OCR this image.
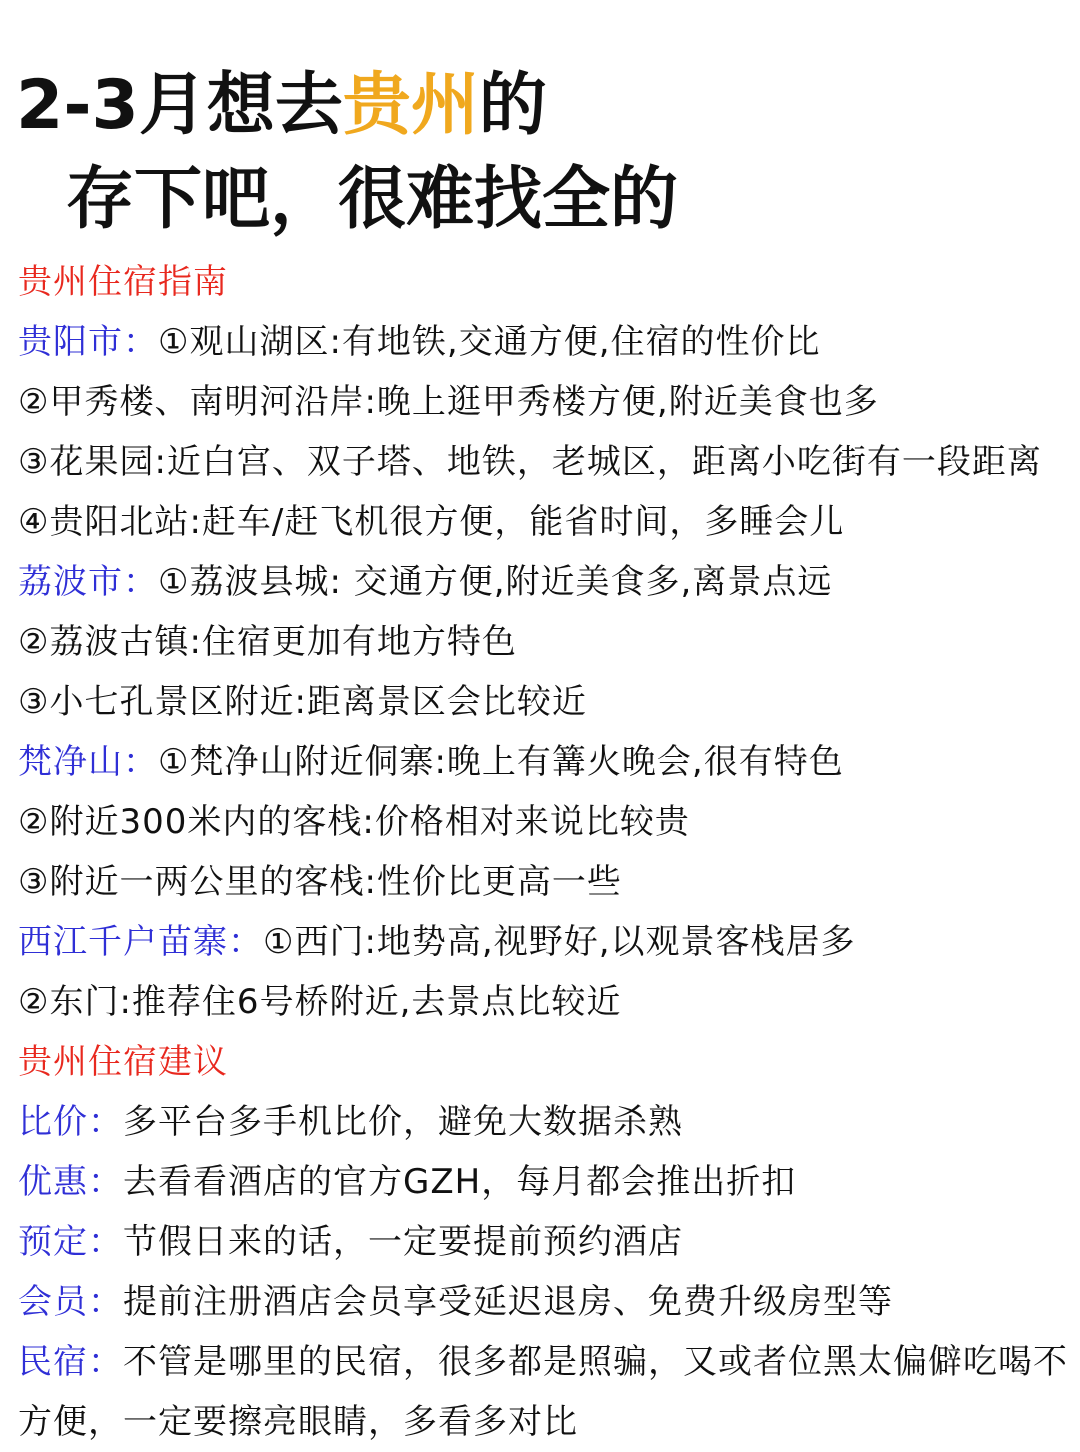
2-3月想去贵州的
存下吧，很难找全的
贵州住宿指南
贵阳市：①观山湖区:有地铁,交通方便,住宿的性价比
②甲秀楼、南明河沿岸:晚上逛甲秀楼方便,附近美食也多
③花果园:近白宫、双子塔、地铁，老城区，距离小吃街有一段距离
④贵阳北站:赶车/赶飞机很方便，能省时间，多睡会儿
荔波市：①荔波县城: 交通方便,附近美食多,离景点远
②荔波古镇:住宿更加有地方特色
③小七孔景区附近:距离景区会比较近
梵净山：①梵净山附近侗寨:晚上有篝火晚会,很有特色
②附近300米内的客栈:价格相对来说比较贵
③附近一两公里的客栈:性价比更高一些
西江千户苗寨：①西门:地势高,视野好,以观景客栈居多
②东门:推荐住6号桥附近,去景点比较近
贵州住宿建议
比价：多平台多手机比价，避免大数据杀熟
优惠：去看看酒店的官方GZH，每月都会推出折扣
预定：节假日来的话，一定要提前预约酒店
会员：提前注册酒店会员享受延迟退房、免费升级房型等
民宿：不管是哪里的民宿，很多都是照骗，又或者位黑太偏僻吃喝不方便，一定要擦亮眼睛，多看多对比
